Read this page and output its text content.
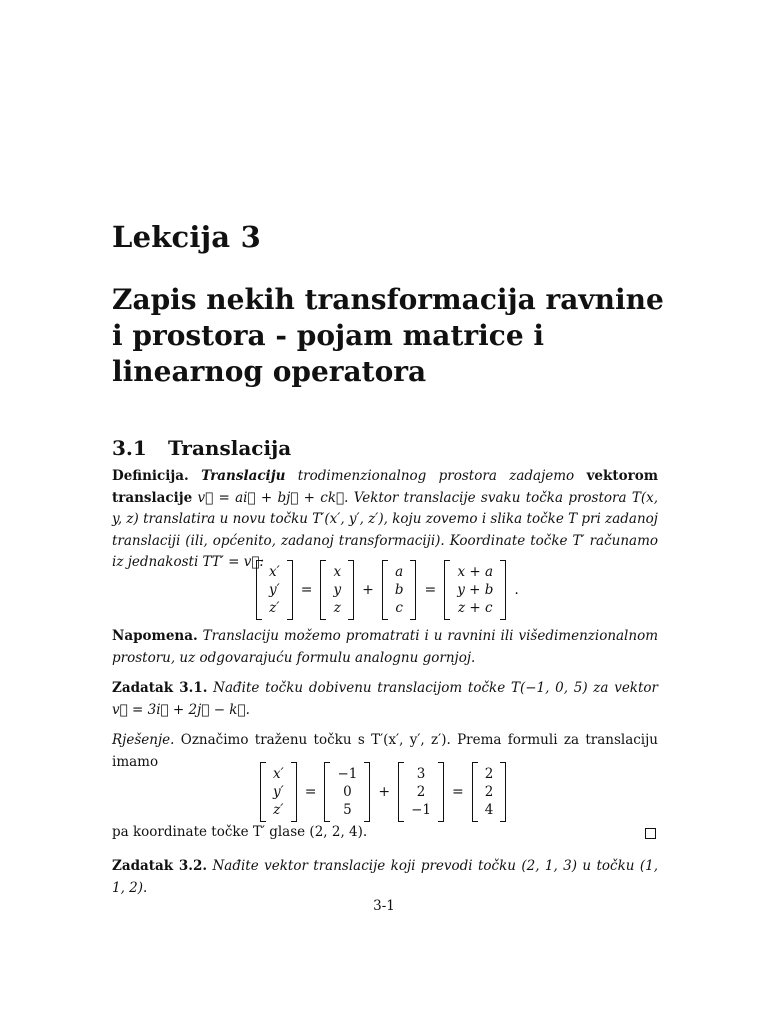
Lekcija 3
Zapis nekih transformacija ravnine i prostora - pojam matrice i linearnog operatora
3.1 Translacija
Definicija. Translaciju trodimenzionalnog prostora zadajemo vektorom translacije v⃗ = ai⃗ + bj⃗ + ck⃗. Vektor translacije svaku točka prostora T(x, y, z) translatira u novu točku T′(x′, y′, z′), koju zovemo i slika točke T pri zadanoj translaciji (ili, općenito, zadanoj transformaciji). Koordinate točke T′ računamo iz jednakosti TT′ = v⃗:
x′
y′
z′
=
x
y
z
+
a
b
c
=
x + a
y + b
z + c
.
Napomena. Translaciju možemo promatrati i u ravnini ili višedimenzionalnom prostoru, uz odgovarajuću formulu analognu gornjoj.
Zadatak 3.1. Nađite točku dobivenu translacijom točke T(−1, 0, 5) za vektor v⃗ = 3i⃗ + 2j⃗ − k⃗.
Rješenje. Označimo traženu točku s T′(x′, y′, z′). Prema formuli za translaciju imamo
x′
y′
z′
=
−1
0
5
+
3
2
−1
=
2
2
4
pa koordinate točke T′ glase (2, 2, 4).
Zadatak 3.2. Nađite vektor translacije koji prevodi točku (2, 1, 3) u točku (1, 1, 2).
3-1
